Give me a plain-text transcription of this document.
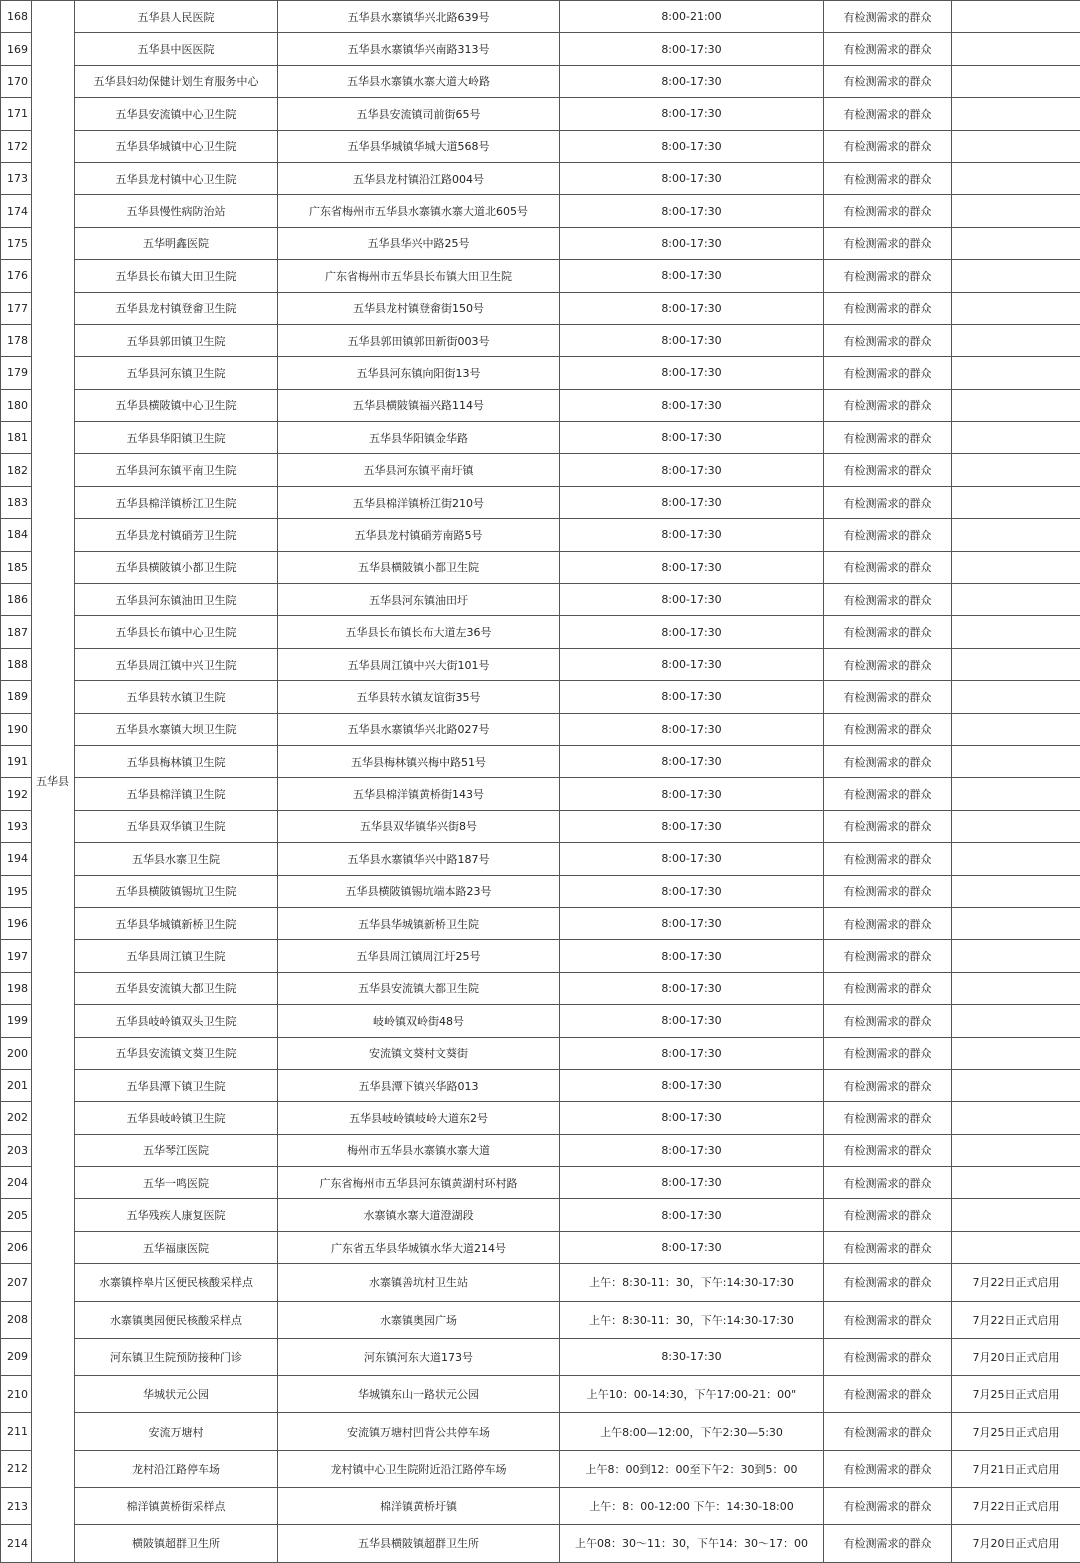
168	五华县	五华县人民医院	五华县水寨镇华兴北路639号	8:00-21:00	有检测需求的群众	
169		五华县中医医院	五华县水寨镇华兴南路313号	8:00-17:30	有检测需求的群众	
170		五华县妇幼保健计划生育服务中心	五华县水寨镇水寨大道大岭路	8:00-17:30	有检测需求的群众	
171		五华县安流镇中心卫生院	五华县安流镇司前街65号	8:00-17:30	有检测需求的群众	
172		五华县华城镇中心卫生院	五华县华城镇华城大道568号	8:00-17:30	有检测需求的群众	
173		五华县龙村镇中心卫生院	五华县龙村镇沿江路004号	8:00-17:30	有检测需求的群众	
174		五华县慢性病防治站	广东省梅州市五华县水寨镇水寨大道北605号	8:00-17:30	有检测需求的群众	
175		五华明鑫医院	五华县华兴中路25号	8:00-17:30	有检测需求的群众	
176		五华县长布镇大田卫生院	广东省梅州市五华县长布镇大田卫生院	8:00-17:30	有检测需求的群众	
177		五华县龙村镇登畲卫生院	五华县龙村镇登畲街150号	8:00-17:30	有检测需求的群众	
178		五华县郭田镇卫生院	五华县郭田镇郭田新街003号	8:00-17:30	有检测需求的群众	
179		五华县河东镇卫生院	五华县河东镇向阳街13号	8:00-17:30	有检测需求的群众	
180		五华县横陂镇中心卫生院	五华县横陂镇福兴路114号	8:00-17:30	有检测需求的群众	
181		五华县华阳镇卫生院	五华县华阳镇金华路	8:00-17:30	有检测需求的群众	
182		五华县河东镇平南卫生院	五华县河东镇平南圩镇	8:00-17:30	有检测需求的群众	
183		五华县棉洋镇桥江卫生院	五华县棉洋镇桥江街210号	8:00-17:30	有检测需求的群众	
184		五华县龙村镇硝芳卫生院	五华县龙村镇硝芳南路5号	8:00-17:30	有检测需求的群众	
185		五华县横陂镇小都卫生院	五华县横陂镇小都卫生院	8:00-17:30	有检测需求的群众	
186		五华县河东镇油田卫生院	五华县河东镇油田圩	8:00-17:30	有检测需求的群众	
187		五华县长布镇中心卫生院	五华县长布镇长布大道左36号	8:00-17:30	有检测需求的群众	
188		五华县周江镇中兴卫生院	五华县周江镇中兴大街101号	8:00-17:30	有检测需求的群众	
189		五华县转水镇卫生院	五华县转水镇友谊街35号	8:00-17:30	有检测需求的群众	
190		五华县水寨镇大坝卫生院	五华县水寨镇华兴北路027号	8:00-17:30	有检测需求的群众	
191		五华县梅林镇卫生院	五华县梅林镇兴梅中路51号	8:00-17:30	有检测需求的群众	
192		五华县棉洋镇卫生院	五华县棉洋镇黄桥街143号	8:00-17:30	有检测需求的群众	
193		五华县双华镇卫生院	五华县双华镇华兴街8号	8:00-17:30	有检测需求的群众	
194		五华县水寨卫生院	五华县水寨镇华兴中路187号	8:00-17:30	有检测需求的群众	
195		五华县横陂镇锡坑卫生院	五华县横陂镇锡坑端本路23号	8:00-17:30	有检测需求的群众	
196		五华县华城镇新桥卫生院	五华县华城镇新桥卫生院	8:00-17:30	有检测需求的群众	
197		五华县周江镇卫生院	五华县周江镇周江圩25号	8:00-17:30	有检测需求的群众	
198		五华县安流镇大都卫生院	五华县安流镇大都卫生院	8:00-17:30	有检测需求的群众	
199		五华县岐岭镇双头卫生院	岐岭镇双岭街48号	8:00-17:30	有检测需求的群众	
200		五华县安流镇文葵卫生院	安流镇文葵村文葵街	8:00-17:30	有检测需求的群众	
201		五华县潭下镇卫生院	五华县潭下镇兴华路013	8:00-17:30	有检测需求的群众	
202		五华县岐岭镇卫生院	五华县岐岭镇岐岭大道东2号	8:00-17:30	有检测需求的群众	
203		五华琴江医院	梅州市五华县水寨镇水寨大道	8:00-17:30	有检测需求的群众	
204		五华一鸣医院	广东省梅州市五华县河东镇黄湖村环村路	8:00-17:30	有检测需求的群众	
205		五华残疾人康复医院	水寨镇水寨大道澄湖段	8:00-17:30	有检测需求的群众	
206		五华福康医院	广东省五华县华城镇水华大道214号	8:00-17:30	有检测需求的群众	
207		水寨镇梓皋片区便民核酸采样点	水寨镇善坑村卫生站	上午：8:30-11：30，下午:14:30-17:30	有检测需求的群众	7月22日正式启用
208		水寨镇奥园便民核酸采样点	水寨镇奥园广场	上午：8:30-11：30，下午:14:30-17:30	有检测需求的群众	7月22日正式启用
209		河东镇卫生院预防接种门诊	河东镇河东大道173号	8:30-17:30	有检测需求的群众	7月20日正式启用
210		华城状元公园	华城镇东山一路状元公园	上午10：00-14:30，下午17:00-21：00"	有检测需求的群众	7月25日正式启用
211		安流万塘村	安流镇万塘村凹背公共停车场	上午8:00—12:00，下午2:30—5:30	有检测需求的群众	7月25日正式启用
212		龙村沿江路停车场	龙村镇中心卫生院附近沿江路停车场	上午8：00到12：00至下午2：30到5：00	有检测需求的群众	7月21日正式启用
213		棉洋镇黄桥街采样点	棉洋镇黄桥圩镇	上午：8：00-12:00 下午：14:30-18:00	有检测需求的群众	7月22日正式启用
214		横陂镇超群卫生所	五华县横陂镇超群卫生所	上午08：30～11：30，下午14：30～17：00	有检测需求的群众	7月20日正式启用
